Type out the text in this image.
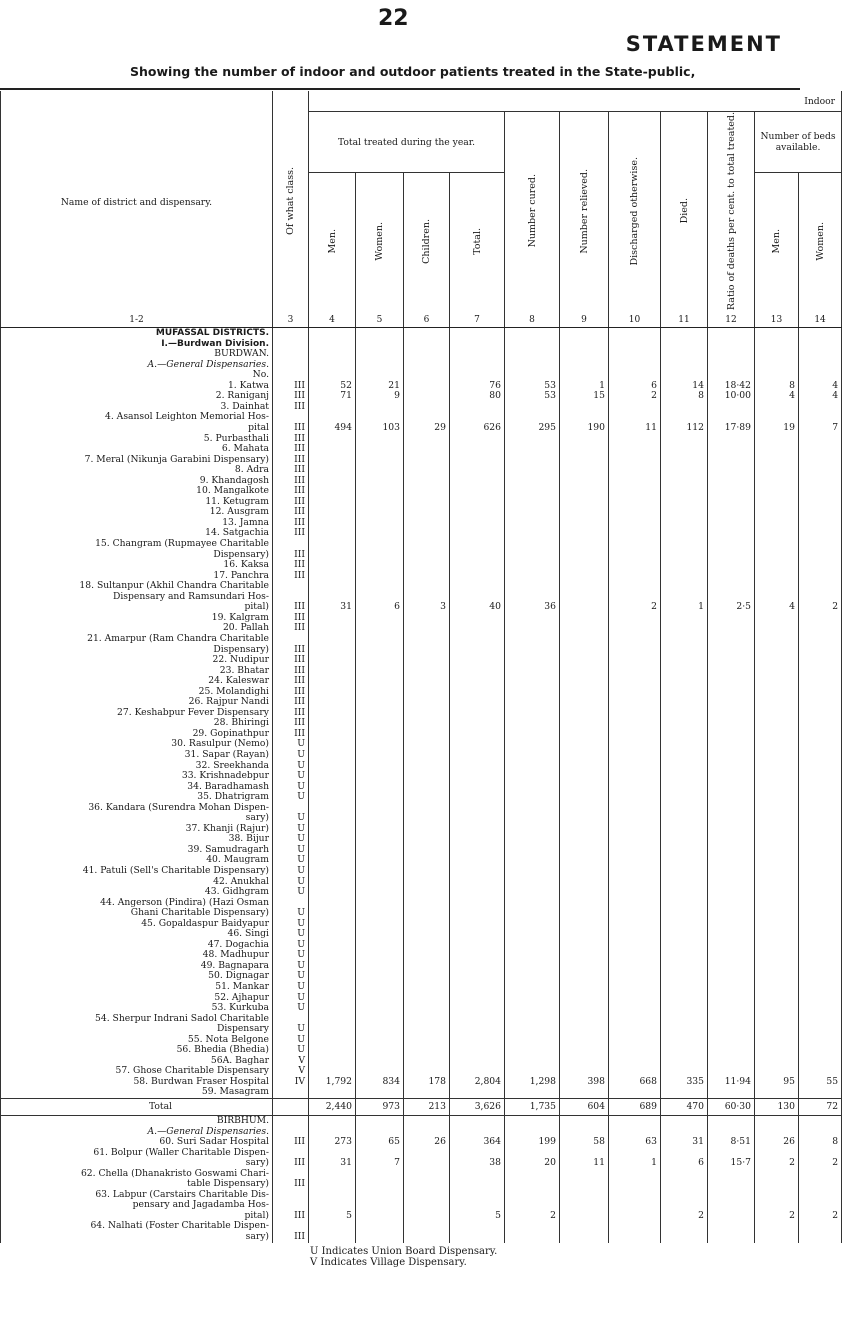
22
STATEMENT
Showing the number of indoor and outdoor patients treated in the State-public,
Name of district and dispensary.	Of what class.	Indoor										
		Total treated during the year.				Number cured.	Number relieved.	Discharged otherwise.	Died.	Ratio of deaths per cent. to total treated.	Number of beds available.	
		Men.	Women.	Children.	Total.						Men.	Women.
1-2	3	4	5	6	7	8	9	10	11	12	13	14
MUFASSAL DISTRICTS.												
I.—Burdwan Division.												
BURDWAN.												
A.—General Dispensaries.												
No.												
1. Katwa	III	52	21		76	53	1	6	14	18·42	8	4
2. Raniganj	III	71	9		80	53	15	2	8	10·00	4	4
3. Dainhat	III											
4. Asansol Leighton Memorial Hos-												
pital	III	494	103	29	626	295	190	11	112	17·89	19	7
5. Purbasthali	III											
6. Mahata	III											
7. Meral (Nikunja Garabini Dispensary)	III											
8. Adra	III											
9. Khandagosh	III											
10. Mangalkote	III											
11. Ketugram	III											
12. Ausgram	III											
13. Jamna	III											
14. Satgachia	III											
15. Changram (Rupmayee Charitable												
Dispensary)	III											
16. Kaksa	III											
17. Panchra	III											
18. Sultanpur (Akhil Chandra Charitable												
Dispensary and Ramsundari Hos-												
pital)	III	31	6	3	40	36		2	1	2·5	4	2
19. Kalgram	III											
20. Pallah	III											
21. Amarpur (Ram Chandra Charitable												
Dispensary)	III											
22. Nudipur	III											
23. Bhatar	III											
24. Kaleswar	III											
25. Molandighi	III											
26. Rajpur Nandi	III											
27. Keshabpur Fever Dispensary	III											
28. Bhiringi	III											
29. Gopinathpur	III											
30. Rasulpur (Nemo)	U											
31. Sapar (Rayan)	U											
32. Sreekhanda	U											
33. Krishnadebpur	U											
34. Baradhamash	U											
35. Dhatrigram	U											
36. Kandara (Surendra Mohan Dispen-												
sary)	U											
37. Khanji (Rajur)	U											
38. Bijur	U											
39. Samudragarh	U											
40. Maugram	U											
41. Patuli (Sell's Charitable Dispensary)	U											
42. Anukhal	U											
43. Gidhgram	U											
44. Angerson (Pindira) (Hazi Osman												
Ghani Charitable Dispensary)	U											
45. Gopaldaspur Baidyapur	U											
46. Singi	U											
47. Dogachia	U											
48. Madhupur	U											
49. Bagnapara	U											
50. Dignagar	U											
51. Mankar	U											
52. Ajhapur	U											
53. Kurkuba	U											
54. Sherpur Indrani Sadol Charitable												
Dispensary	U											
55. Nota Belgone	U											
56. Bhedia (Bhedia)	U											
56A. Baghar	V											
57. Ghose Charitable Dispensary	V											
58. Burdwan Fraser Hospital	IV	1,792	834	178	2,804	1,298	398	668	335	11·94	95	55
59. Masagram												
Total		2,440	973	213	3,626	1,735	604	689	470	60·30	130	72
BIRBHUM.												
A.—General Dispensaries.												
60. Suri Sadar Hospital	III	273	65	26	364	199	58	63	31	8·51	26	8
61. Bolpur (Waller Charitable Dispen-												
sary)	III	31	7		38	20	11	1	6	15·7	2	2
62. Chella (Dhanakristo Goswami Chari-												
table Dispensary)	III											
63. Labpur (Carstairs Charitable Dis-												
pensary and Jagadamba Hos-												
pital)	III	5			5	2			2		2	2
64. Nalhati (Foster Charitable Dispen-												
sary)	III											
U Indicates Union Board Dispensary.
V Indicates Village Dispensary.
